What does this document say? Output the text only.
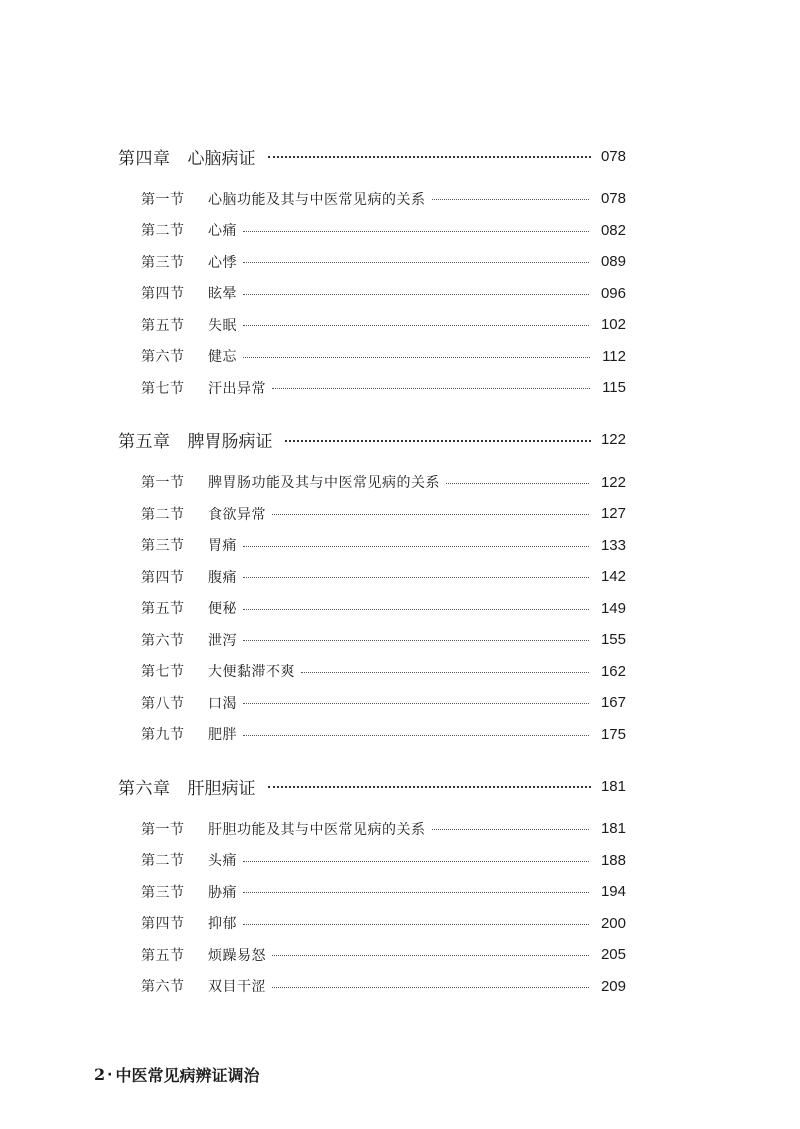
第四章 心脑病证	078
第一节	心脑功能及其与中医常见病的关系	078
第二节	心痛	082
第三节	心悸	089
第四节	眩晕	096
第五节	失眠	102
第六节	健忘	112
第七节	汗出异常	115
第五章 脾胃肠病证	122
第一节	脾胃肠功能及其与中医常见病的关系	122
第二节	食欲异常	127
第三节	胃痛	133
第四节	腹痛	142
第五节	便秘	149
第六节	泄泻	155
第七节	大便黏滞不爽	162
第八节	口渴	167
第九节	肥胖	175
第六章 肝胆病证	181
第一节	肝胆功能及其与中医常见病的关系	181
第二节	头痛	188
第三节	胁痛	194
第四节	抑郁	200
第五节	烦躁易怒	205
第六节	双目干涩	209
2 · 中医常见病辨证调治
